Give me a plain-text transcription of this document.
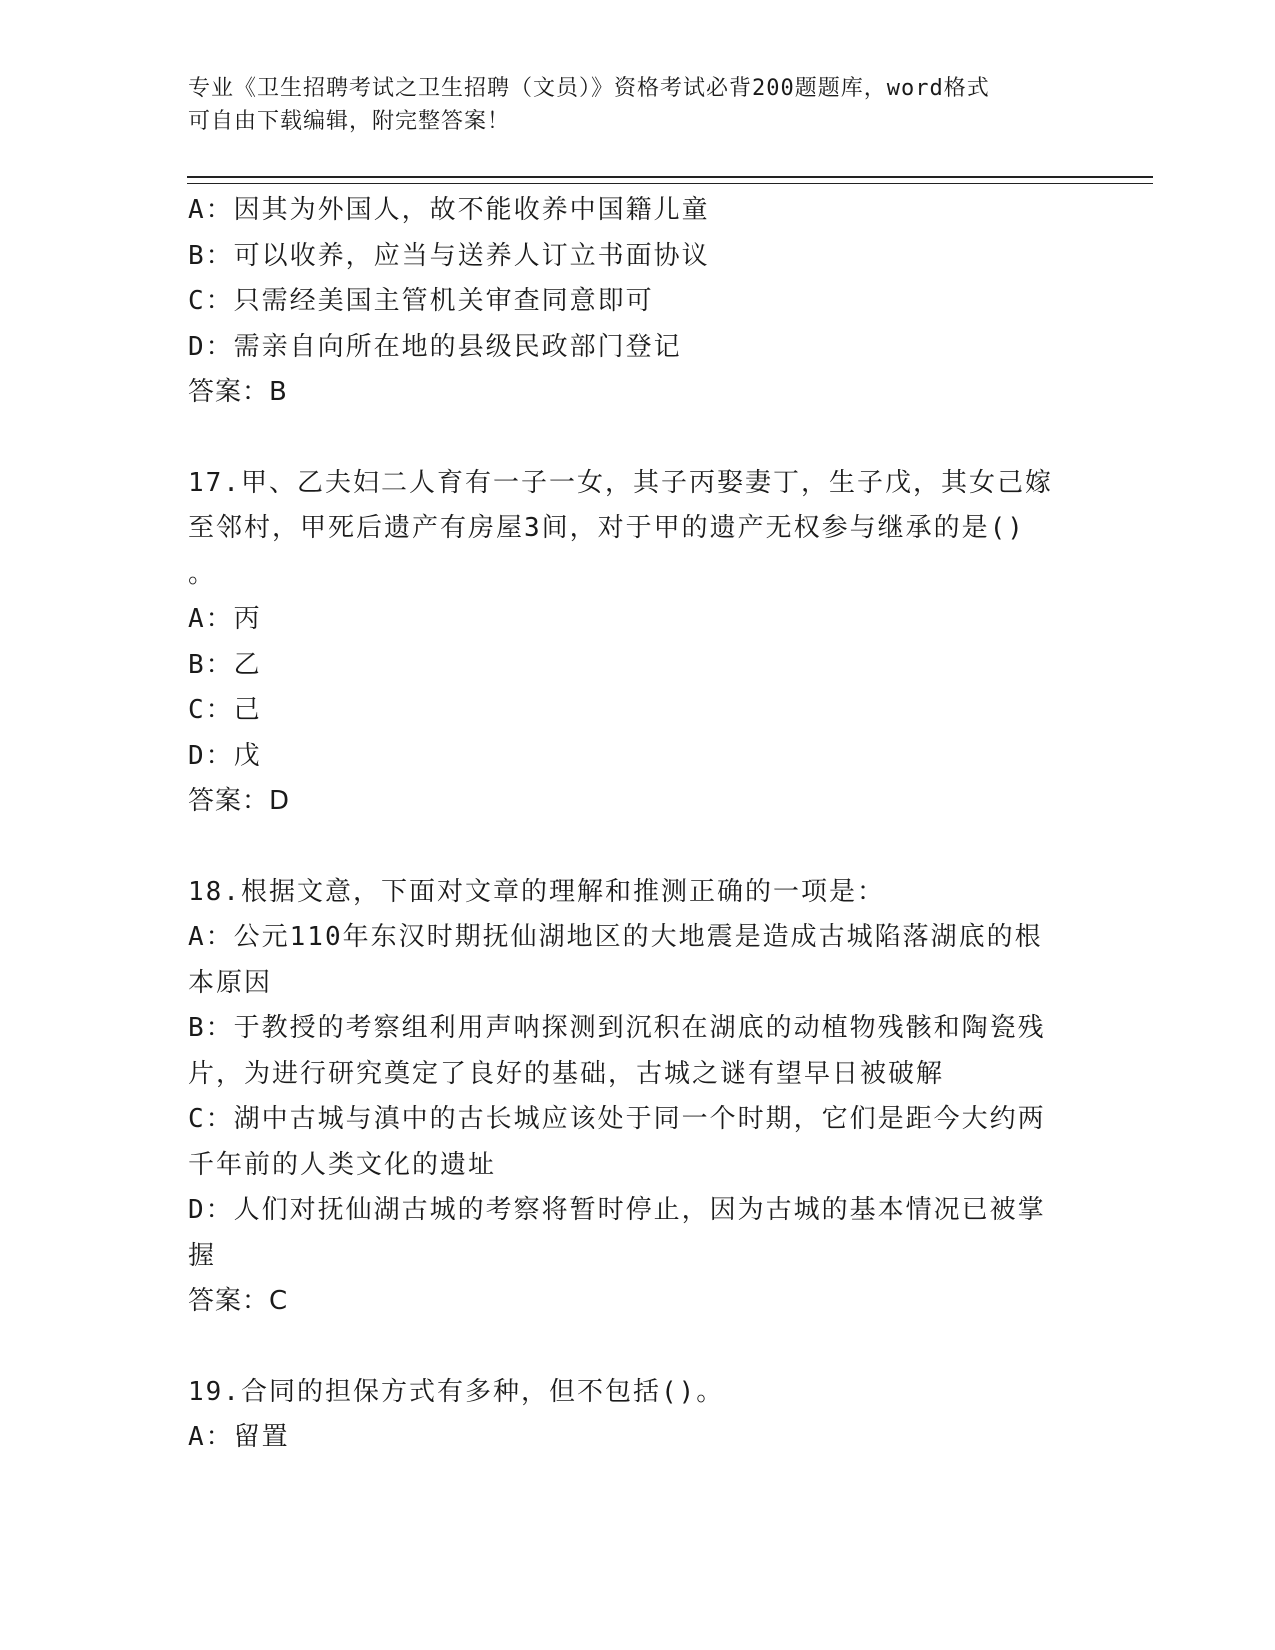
专业《卫生招聘考试之卫生招聘（文员）》资格考试必背200题题库，word格式
可自由下载编辑，附完整答案！
A：因其为外国人，故不能收养中国籍儿童
B：可以收养，应当与送养人订立书面协议
C：只需经美国主管机关审查同意即可
D：需亲自向所在地的县级民政部门登记
答案：B
17.甲、乙夫妇二人育有一子一女，其子丙娶妻丁，生子戊，其女己嫁
至邻村，甲死后遗产有房屋3间，对于甲的遗产无权参与继承的是()
。
A：丙
B：乙
C：己
D：戊
答案：D
18.根据文意，下面对文章的理解和推测正确的一项是：
A：公元110年东汉时期抚仙湖地区的大地震是造成古城陷落湖底的根
本原因
B：于教授的考察组利用声呐探测到沉积在湖底的动植物残骸和陶瓷残
片，为进行研究奠定了良好的基础，古城之谜有望早日被破解
C：湖中古城与滇中的古长城应该处于同一个时期，它们是距今大约两
千年前的人类文化的遗址
D：人们对抚仙湖古城的考察将暂时停止，因为古城的基本情况已被掌
握
答案：C
19.合同的担保方式有多种，但不包括()。
A：留置
